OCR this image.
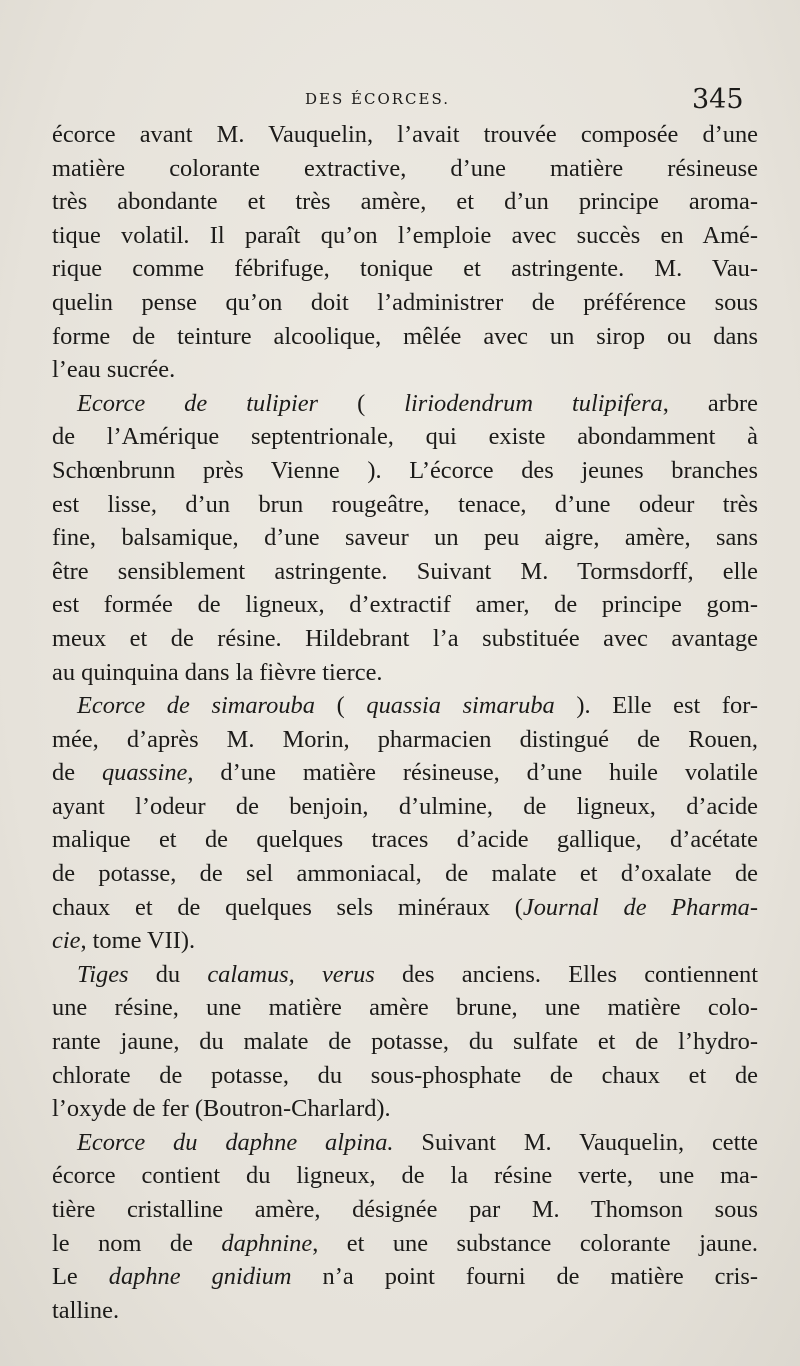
DES ÉCORCES.	345

écorce avant M. Vauquelin, l’avait trouvée composée d’une

matière colorante extractive, d’une matière résineuse

très abondante et très amère, et d’un principe aroma-

tique volatil. Il paraît qu’on l’emploie avec succès en Amé-

rique comme fébrifuge, tonique et astringente. M. Vau-

quelin pense qu’on doit l’administrer de préférence sous

forme de teinture alcoolique, mêlée avec un sirop ou dans

l’eau sucrée.

Ecorce de tulipier ( liriodendrum tulipifera, arbre

de l’Amérique septentrionale, qui existe abondamment à

Schœnbrunn près Vienne ). L’écorce des jeunes branches

est lisse, d’un brun rougeâtre, tenace, d’une odeur très

fine, balsamique, d’une saveur un peu aigre, amère, sans

être sensiblement astringente. Suivant M. Tormsdorff, elle

est formée de ligneux, d’extractif amer, de principe gom-

meux et de résine. Hildebrant l’a substituée avec avantage

au quinquina dans la fièvre tierce.

Ecorce de simarouba ( quassia simaruba ). Elle est for-

mée, d’après M. Morin, pharmacien distingué de Rouen,

de quassine, d’une matière résineuse, d’une huile volatile

ayant l’odeur de benjoin, d’ulmine, de ligneux, d’acide

malique et de quelques traces d’acide gallique, d’acétate

de potasse, de sel ammoniacal, de malate et d’oxalate de

chaux et de quelques sels minéraux (Journal de Pharma-

cie, tome VII).

Tiges du calamus, verus des anciens. Elles contiennent

une résine, une matière amère brune, une matière colo-

rante jaune, du malate de potasse, du sulfate et de l’hydro-

chlorate de potasse, du sous-phosphate de chaux et de

l’oxyde de fer (Boutron-Charlard).

Ecorce du daphne alpina. Suivant M. Vauquelin, cette

écorce contient du ligneux, de la résine verte, une ma-

tière cristalline amère, désignée par M. Thomson sous

le nom de daphnine, et une substance colorante jaune.

Le daphne gnidium n’a point fourni de matière cris-

talline.
